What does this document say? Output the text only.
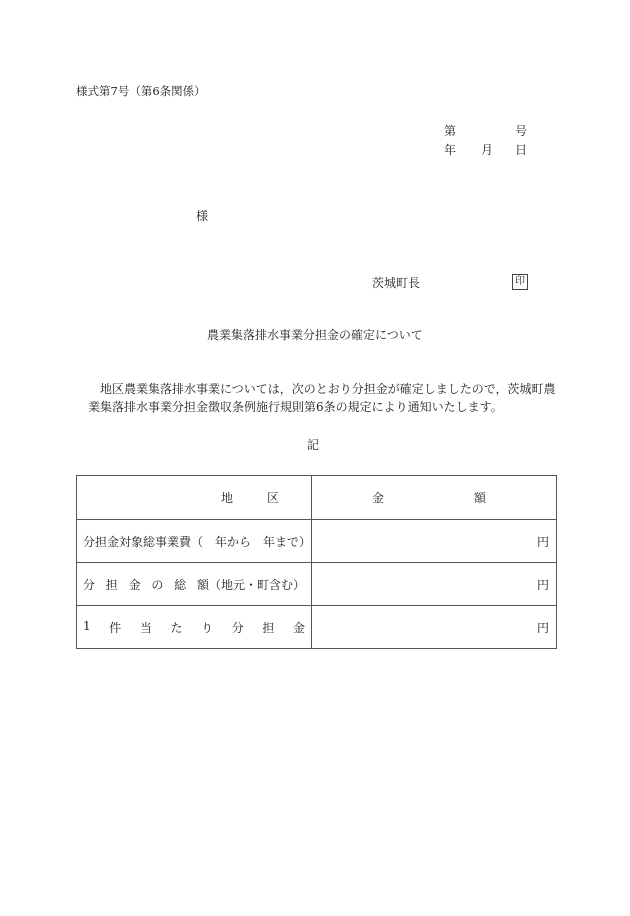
様式第7号（第6条関係）
第	号
年 月 日
様
茨城町長	印
農業集落排水事業分担金の確定について
地区農業集落排水事業については，次のとおり分担金が確定しましたので，茨城町農
業集落排水事業分担金徴収条例施行規則第6条の規定により通知いたします。
記
地 区	金 額

分担金対象総事業費（　年から　年まで）	円

分 担 金 の 総 額（地元・町含む）	円

1 件 当 た り 分 担 金	円
